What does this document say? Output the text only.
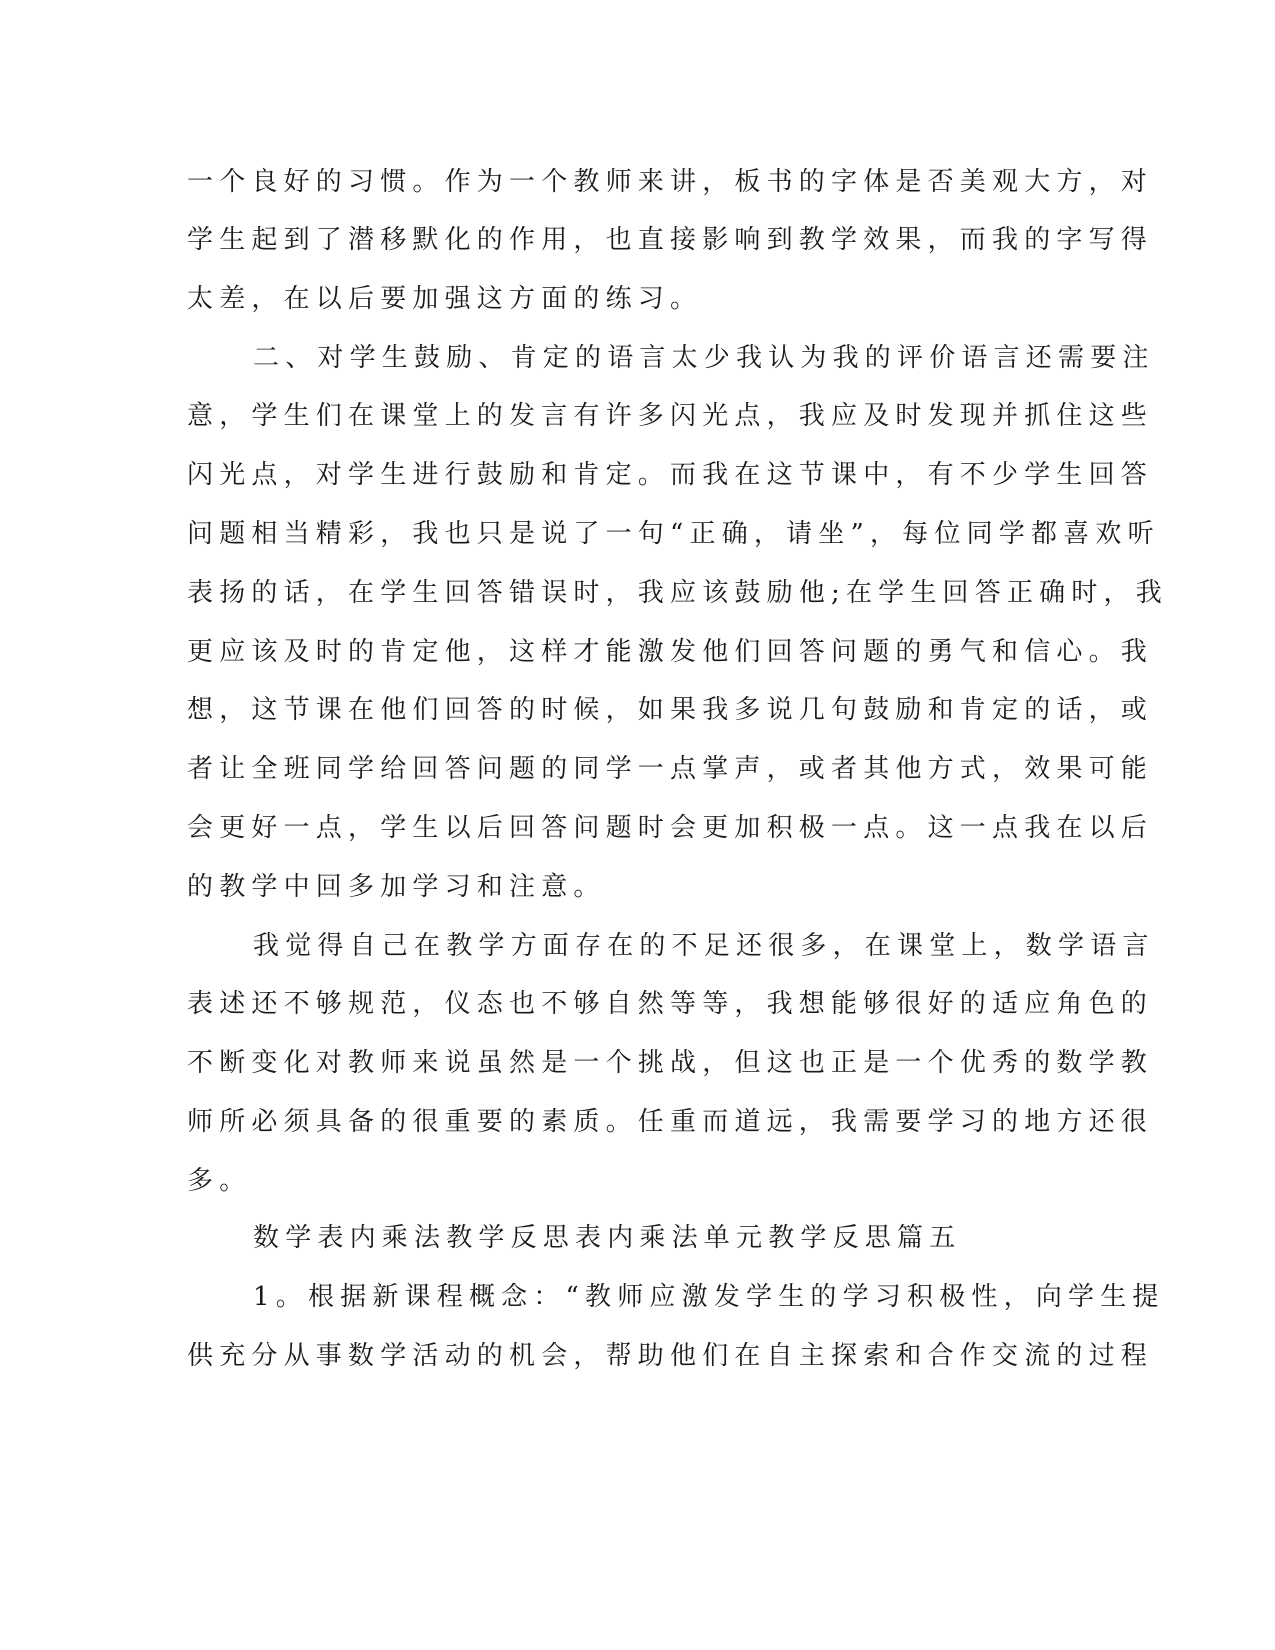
一个良好的习惯。作为一个教师来讲，板书的字体是否美观大方，对
学生起到了潜移默化的作用，也直接影响到教学效果，而我的字写得
太差，在以后要加强这方面的练习。
二、对学生鼓励、肯定的语言太少我认为我的评价语言还需要注
意，学生们在课堂上的发言有许多闪光点，我应及时发现并抓住这些
闪光点，对学生进行鼓励和肯定。而我在这节课中，有不少学生回答
问题相当精彩，我也只是说了一句“正确，请坐”，每位同学都喜欢听
表扬的话，在学生回答错误时，我应该鼓励他;在学生回答正确时，我
更应该及时的肯定他，这样才能激发他们回答问题的勇气和信心。我
想，这节课在他们回答的时候，如果我多说几句鼓励和肯定的话，或
者让全班同学给回答问题的同学一点掌声，或者其他方式，效果可能
会更好一点，学生以后回答问题时会更加积极一点。这一点我在以后
的教学中回多加学习和注意。
我觉得自己在教学方面存在的不足还很多，在课堂上，数学语言
表述还不够规范，仪态也不够自然等等，我想能够很好的适应角色的
不断变化对教师来说虽然是一个挑战，但这也正是一个优秀的数学教
师所必须具备的很重要的素质。任重而道远，我需要学习的地方还很
多。
数学表内乘法教学反思表内乘法单元教学反思篇五
1。根据新课程概念：“教师应激发学生的学习积极性，向学生提
供充分从事数学活动的机会，帮助他们在自主探索和合作交流的过程
